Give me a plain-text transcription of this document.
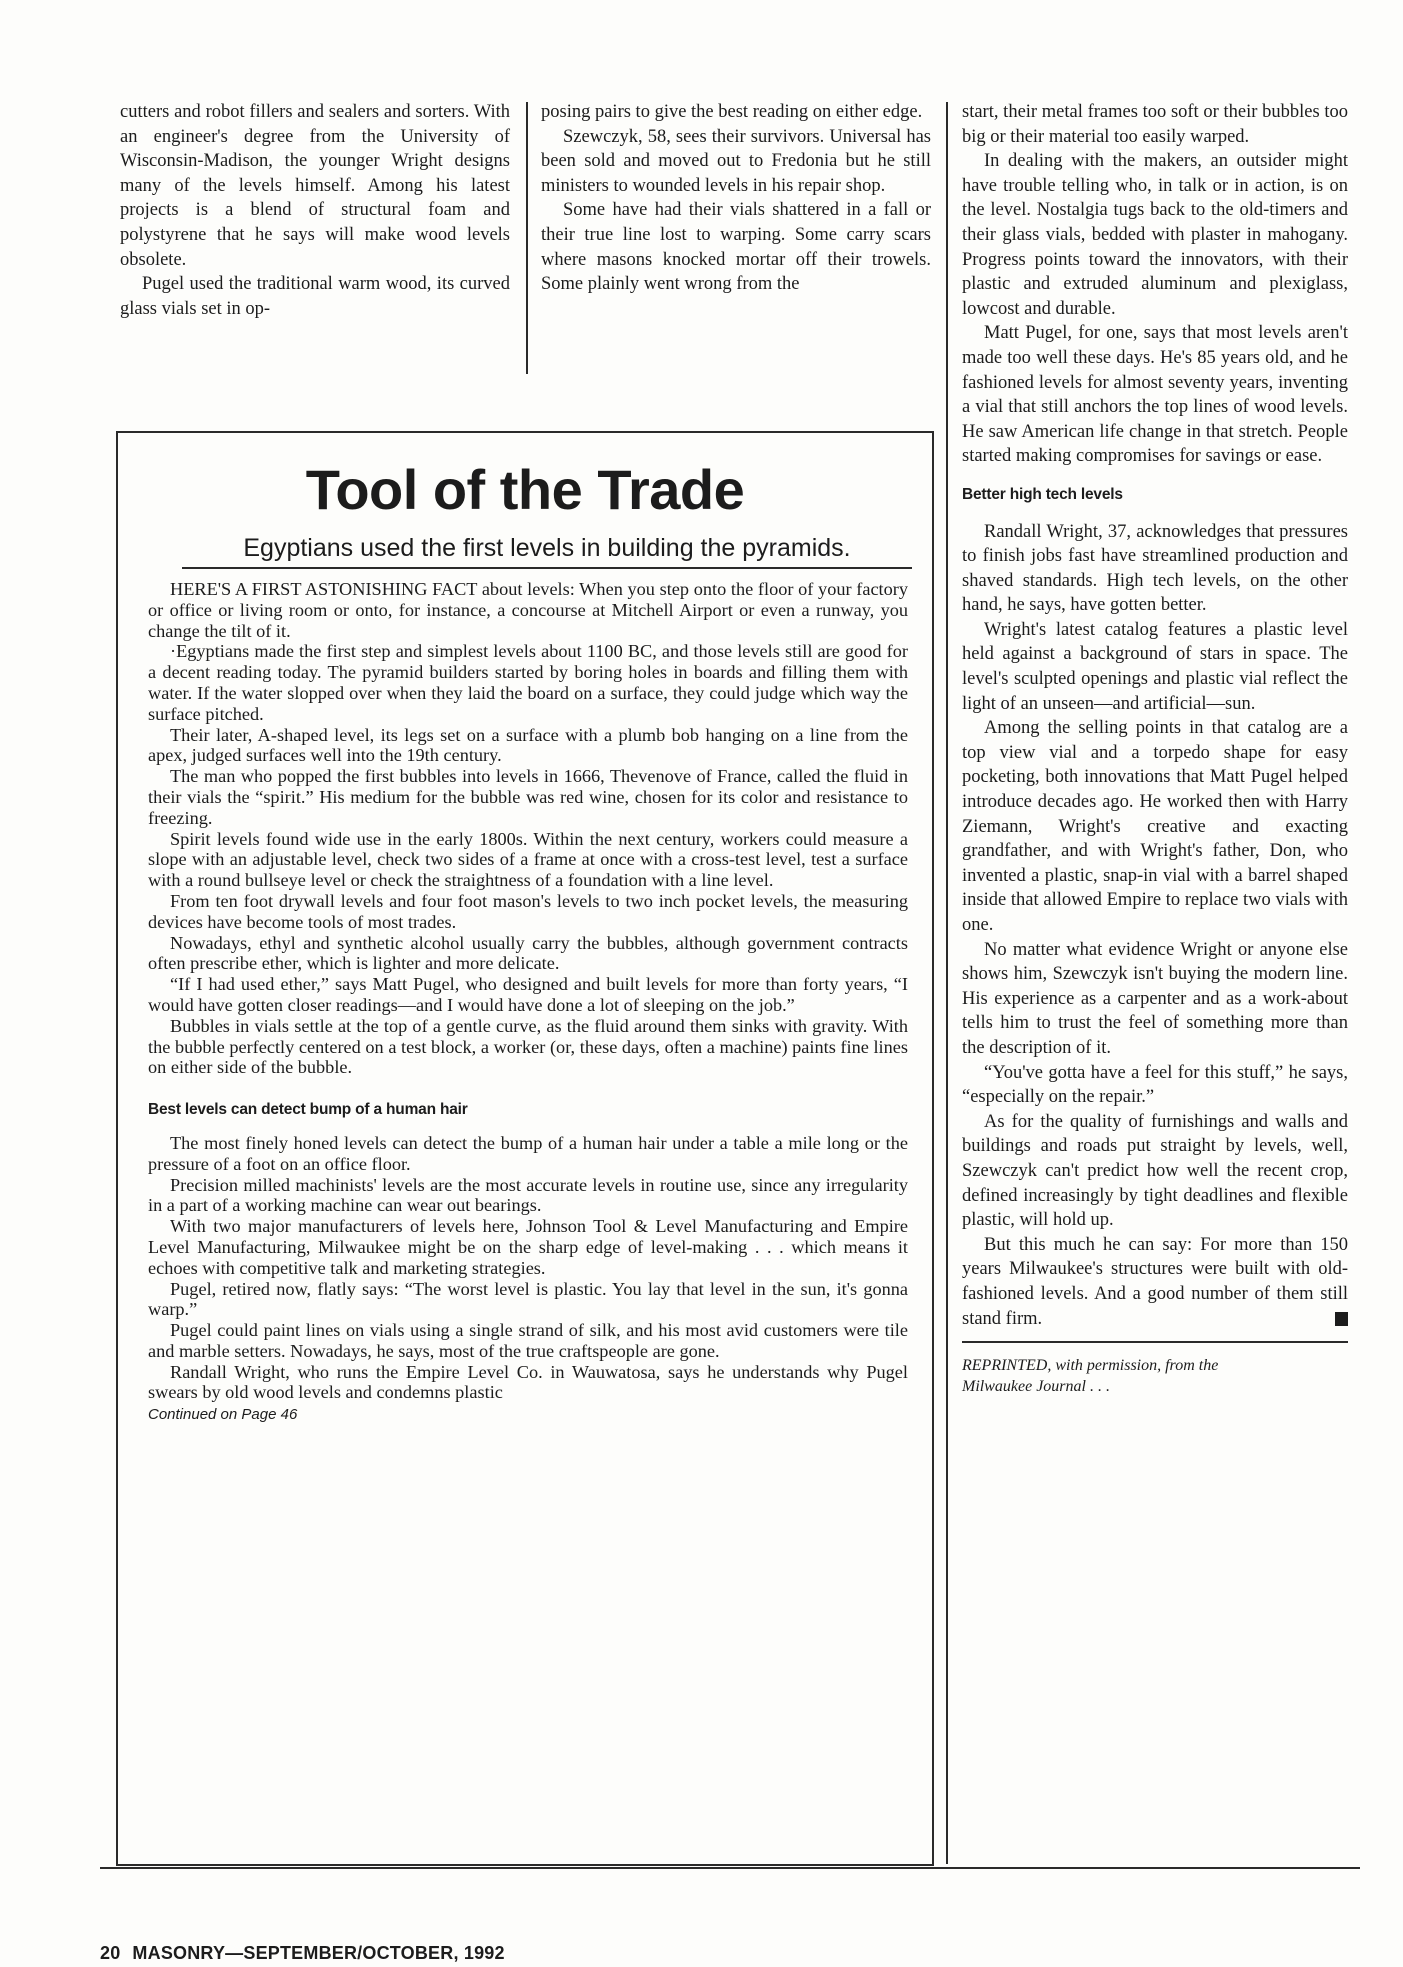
cutters and robot fillers and sealers and sorters. With an engineer's degree from the University of Wisconsin-Madison, the younger Wright designs many of the levels himself. Among his latest projects is a blend of structural foam and polystyrene that he says will make wood levels obsolete.

Pugel used the traditional warm wood, its curved glass vials set in op-

posing pairs to give the best reading on either edge.

Szewczyk, 58, sees their survivors. Universal has been sold and moved out to Fredonia but he still ministers to wounded levels in his repair shop.

Some have had their vials shattered in a fall or their true line lost to warping. Some carry scars where masons knocked mortar off their trowels. Some plainly went wrong from the

start, their metal frames too soft or their bubbles too big or their material too easily warped.

In dealing with the makers, an outsider might have trouble telling who, in talk or in action, is on the level. Nostalgia tugs back to the old-timers and their glass vials, bedded with plaster in mahogany. Progress points toward the innovators, with their plastic and extruded aluminum and plexiglass, lowcost and durable.

Matt Pugel, for one, says that most levels aren't made too well these days. He's 85 years old, and he fashioned levels for almost seventy years, inventing a vial that still anchors the top lines of wood levels. He saw American life change in that stretch. People started making compromises for savings or ease.

Better high tech levels

Randall Wright, 37, acknowledges that pressures to finish jobs fast have streamlined production and shaved standards. High tech levels, on the other hand, he says, have gotten better.

Wright's latest catalog features a plastic level held against a background of stars in space. The level's sculpted openings and plastic vial reflect the light of an unseen—and artificial—sun.

Among the selling points in that catalog are a top view vial and a torpedo shape for easy pocketing, both innovations that Matt Pugel helped introduce decades ago. He worked then with Harry Ziemann, Wright's creative and exacting grandfather, and with Wright's father, Don, who invented a plastic, snap-in vial with a barrel shaped inside that allowed Empire to replace two vials with one.

No matter what evidence Wright or anyone else shows him, Szewczyk isn't buying the modern line. His experience as a carpenter and as a work-about tells him to trust the feel of something more than the description of it.

“You've gotta have a feel for this stuff,” he says, “especially on the repair.”

As for the quality of furnishings and walls and buildings and roads put straight by levels, well, Szewczyk can't predict how well the recent crop, defined increasingly by tight deadlines and flexible plastic, will hold up.

But this much he can say: For more than 150 years Milwaukee's structures were built with old-fashioned levels. And a good number of them still stand firm.

REPRINTED, with permission, from the
Milwaukee Journal . . .

Tool of the Trade
Egyptians used the first levels in building the pyramids.

HERE'S A FIRST ASTONISHING FACT about levels: When you step onto the floor of your factory or office or living room or onto, for instance, a concourse at Mitchell Airport or even a runway, you change the tilt of it.

·Egyptians made the first step and simplest levels about 1100 BC, and those levels still are good for a decent reading today. The pyramid builders started by boring holes in boards and filling them with water. If the water slopped over when they laid the board on a surface, they could judge which way the surface pitched.

Their later, A-shaped level, its legs set on a surface with a plumb bob hanging on a line from the apex, judged surfaces well into the 19th century.

The man who popped the first bubbles into levels in 1666, Thevenove of France, called the fluid in their vials the “spirit.” His medium for the bubble was red wine, chosen for its color and resistance to freezing.

Spirit levels found wide use in the early 1800s. Within the next century, workers could measure a slope with an adjustable level, check two sides of a frame at once with a cross-test level, test a surface with a round bullseye level or check the straightness of a foundation with a line level.

From ten foot drywall levels and four foot mason's levels to two inch pocket levels, the measuring devices have become tools of most trades.

Nowadays, ethyl and synthetic alcohol usually carry the bubbles, although government contracts often prescribe ether, which is lighter and more delicate.

“If I had used ether,” says Matt Pugel, who designed and built levels for more than forty years, “I would have gotten closer readings—and I would have done a lot of sleeping on the job.”

Bubbles in vials settle at the top of a gentle curve, as the fluid around them sinks with gravity. With the bubble perfectly centered on a test block, a worker (or, these days, often a machine) paints fine lines on either side of the bubble.

Best levels can detect bump of a human hair

The most finely honed levels can detect the bump of a human hair under a table a mile long or the pressure of a foot on an office floor.

Precision milled machinists' levels are the most accurate levels in routine use, since any irregularity in a part of a working machine can wear out bearings.

With two major manufacturers of levels here, Johnson Tool & Level Manufacturing and Empire Level Manufacturing, Milwaukee might be on the sharp edge of level-making . . . which means it echoes with competitive talk and marketing strategies.

Pugel, retired now, flatly says: “The worst level is plastic. You lay that level in the sun, it's gonna warp.”

Pugel could paint lines on vials using a single strand of silk, and his most avid customers were tile and marble setters. Nowadays, he says, most of the true craftspeople are gone.

Randall Wright, who runs the Empire Level Co. in Wauwatosa, says he understands why Pugel swears by old wood levels and condemns plastic

Continued on Page 46

20 MASONRY—SEPTEMBER/OCTOBER, 1992
